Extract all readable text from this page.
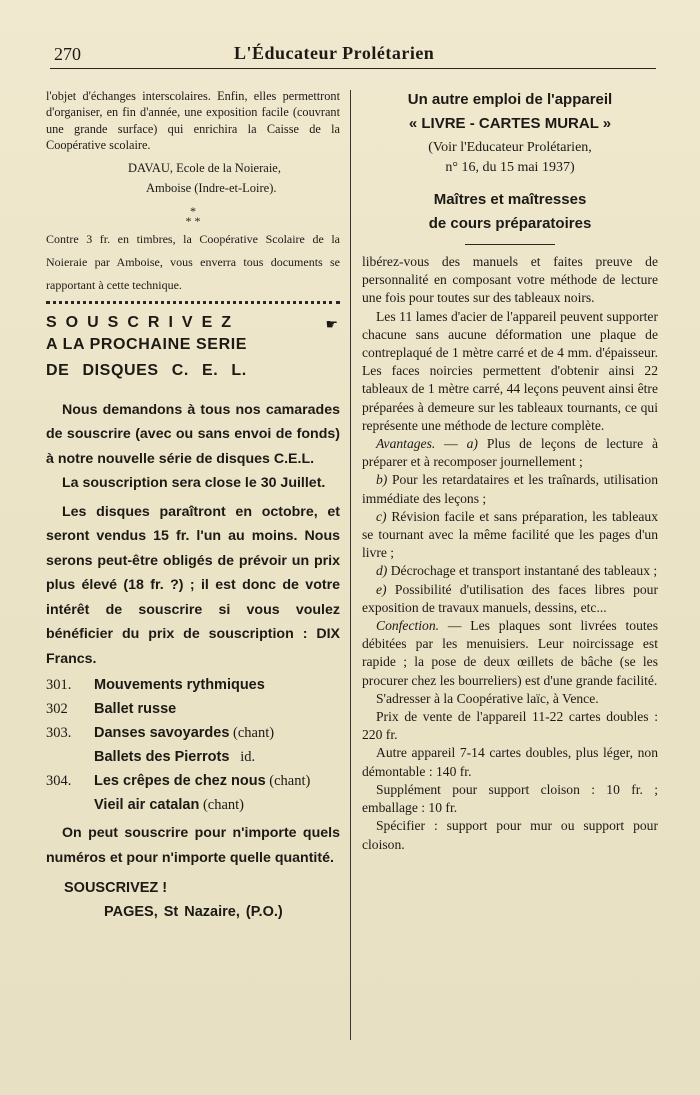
270	L'Éducateur Prolétarien

l'objet d'échanges interscolaires. Enfin, elles permettront d'organiser, en fin d'année, une exposition facile (couvrant une grande surface) qui enrichira la Caisse de la Coopérative scolaire.

DAVAU, Ecole de la Noieraie,

Amboise (Indre-et-Loire).

*
* *

Contre 3 fr. en timbres, la Coopérative Scolaire de la Noieraie par Amboise, vous enverra tous documents se rapportant à cette technique.

SOUSCRIVEZ	☛

A LA PROCHAINE SERIE

DE DISQUES C. E. L.

Nous demandons à tous nos camarades de souscrire (avec ou sans envoi de fonds) à notre nouvelle série de disques C.E.L.

La souscription sera close le 30 Juillet.

Les disques paraîtront en octobre, et seront vendus 15 fr. l'un au moins. Nous serons peut-être obligés de prévoir un prix plus élevé (18 fr. ?) ; il est donc de votre intérêt de souscrire si vous voulez bénéficier du prix de souscription : DIX Francs.

301.	Mouvements rythmiques
302	Ballet russe
303.	Danses savoyardes (chant)
Ballets des Pierrots   id.
304.	Les crêpes de chez nous (chant)
Vieil air catalan (chant)

On peut souscrire pour n'importe quels numéros et pour n'importe quelle quantité.

SOUSCRIVEZ !

PAGES, St Nazaire, (P.O.)

Un autre emploi de l'appareil

« LIVRE - CARTES MURAL »

(Voir l'Educateur Prolétarien,

n° 16, du 15 mai 1937)

Maîtres et maîtresses

de cours préparatoires

libérez-vous des manuels et faites preuve de personnalité en composant votre méthode de lecture une fois pour toutes sur des tableaux noirs.

Les 11 lames d'acier de l'appareil peuvent supporter chacune sans aucune déformation une plaque de contreplaqué de 1 mètre carré et de 4 mm. d'épaisseur. Les faces noircies permettent d'obtenir ainsi 22 tableaux de 1 mètre carré, 44 leçons peuvent ainsi être préparées à demeure sur les tableaux tournants, ce qui représente une méthode de lecture complète.

Avantages. — a) Plus de leçons de lecture à préparer et à recomposer journellement ;

b) Pour les retardataires et les traînards, utilisation immédiate des leçons ;

c) Révision facile et sans préparation, les tableaux se tournant avec la même facilité que les pages d'un livre ;

d) Décrochage et transport instantané des tableaux ;

e) Possibilité d'utilisation des faces libres pour exposition de travaux manuels, dessins, etc...

Confection. — Les plaques sont livrées toutes débitées par les menuisiers. Leur noircissage est rapide ; la pose de deux œillets de bâche (se les procurer chez les bourreliers) est d'une grande facilité.

S'adresser à la Coopérative laïc, à Vence.

Prix de vente de l'appareil 11-22 cartes doubles : 220 fr.

Autre appareil 7-14 cartes doubles, plus léger, non démontable : 140 fr.

Supplément pour support cloison : 10 fr. ; emballage : 10 fr.

Spécifier : support pour mur ou support pour cloison.
